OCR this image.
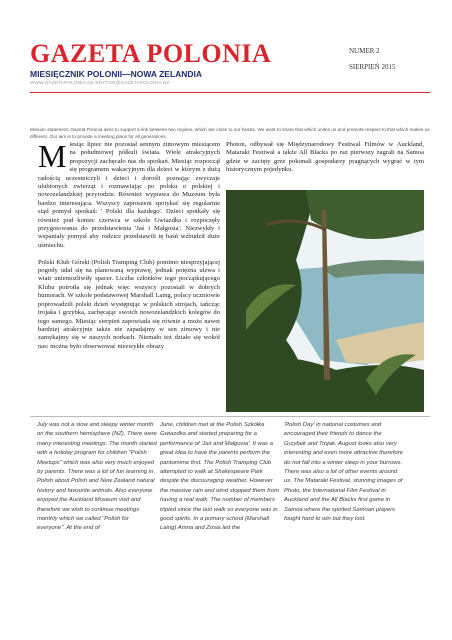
GAZETA POLONIA
MIESIĘCZNIK POLONII—NOWA ZELANDIA
WWW.GAZETAPOLONIA.NZ EDYTOR@GAZETAPOLONIA.NZ
NUMER 2
SIERPIEŃ 2015
Mission statement: Gazeta Polonia aims to support a link between two regions, which are close to our hearts. We want to share that which unites us and promote respect to that which makes us different. Our aim is to provide a meeting place for all generations.

Miesiąc lipiec nie pozostał sennym zimowym miesiącem na południowej półkuli świata. Wiele atrakcyjnych propozycji zachęcało nas do spotkań. Miesiąc rozpoczął się programem wakacyjnym dla dzieci w którym z dużą radością uczestniczyli i dzieci i dorośli poznając zwyczaje ulubionych zwierząt i rozmawiając po polsku o polskiej i nowozelandzkiej przyrodzie. Również wyprawa do Muzeum była bardzo interesująca. Wszyscy zaproszeni spotykać się regularnie stąd pomysł spotkań: ' Polski dla każdego'. Dzieci spotkały się również pod koniec czerwca w szkole Gwiazdka i rozpoczęły przygotowania do przedstawienia 'Jaś i Małgosia'. Niezwykły i wspaniały pomysł aby rodzice przedstawili tę baśń wzbudził duże uśmiechu.

Polski Klub Górski (Polish Tramping Club) pomimo niesprzyjającej pogody udał się na planowaną wyprawę, jednak potężna ulewa i wiatr uniemożliwiły spacer. Liczba członków tego początkującego Klubu potroiła się jednak więc wszyscy pozostali w dobrych humorach. W szkole podstawowej Marshall Laing, polscy uczniowie poprowadzili polski dzień występując w polskich strojach, tańcząc trojaka i grzybka, zachęcając swoich nowozelandzkich kolegów do tego samego. Miesiąc sierpień zapowiada się równie a może nawet bardziej atrakcyjnie także nie zapadajmy w sen zimowy i nie zamykajmy się w naszych norkach. Niemało też działo się wokół nas: można było obserwować niezwykłe obrazy

Photon, odbywał się Międzynarodowy Festiwal Filmów w Auckland, Mataraki Festiwal a także All Blacks po raz pierwszy zagrali na Samoa gdzie w zacięty grze pokonali gospodarzy pragnących wygrać w tym historycznym pojedynku.

July was not a slow and sleepy winter month on the southern hemisphere (NZ). There were many interesting meetings. The month started with a holiday program for children "Polish Meetups" which was also very much enjoyed by parents. There was a lot of fun learning in Polish about Polish and New Zealand natural history and favourite animals. Also everyone enjoyed the Auckland Museum visit and therefore we wish to continue meetings monthly which we called "Polish for everyone". At the end of
June, children met at the Polish Szkółka Gwiazdka and started preparing for a performance of 'Jaś and Małgosia'. It was a great idea to have the parents perform the pantomime first. The Polish Tramping Club attempted to walk at Shakespeare Park despite the discouraging weather. However the massive rain and wind stopped them from having a real walk. The number of members tripled since the last walk so everyone was in good spirits. In a primary school (Marshall Laing) Amna and Zosia led the
'Polish Day' in national costumes and encouraged their friends to dance the Grzybek and Trojak. August looks also very interesting and even more attractive therefore do not fall into a winter sleep in your burrows. There was also a lot of other events around us. The Mataraki Festival, stunning images of Photo, the International Film Festival in Auckland and the All Blacks first game in Samoa where the spirited Samoan players fought hard to win but they lost.
